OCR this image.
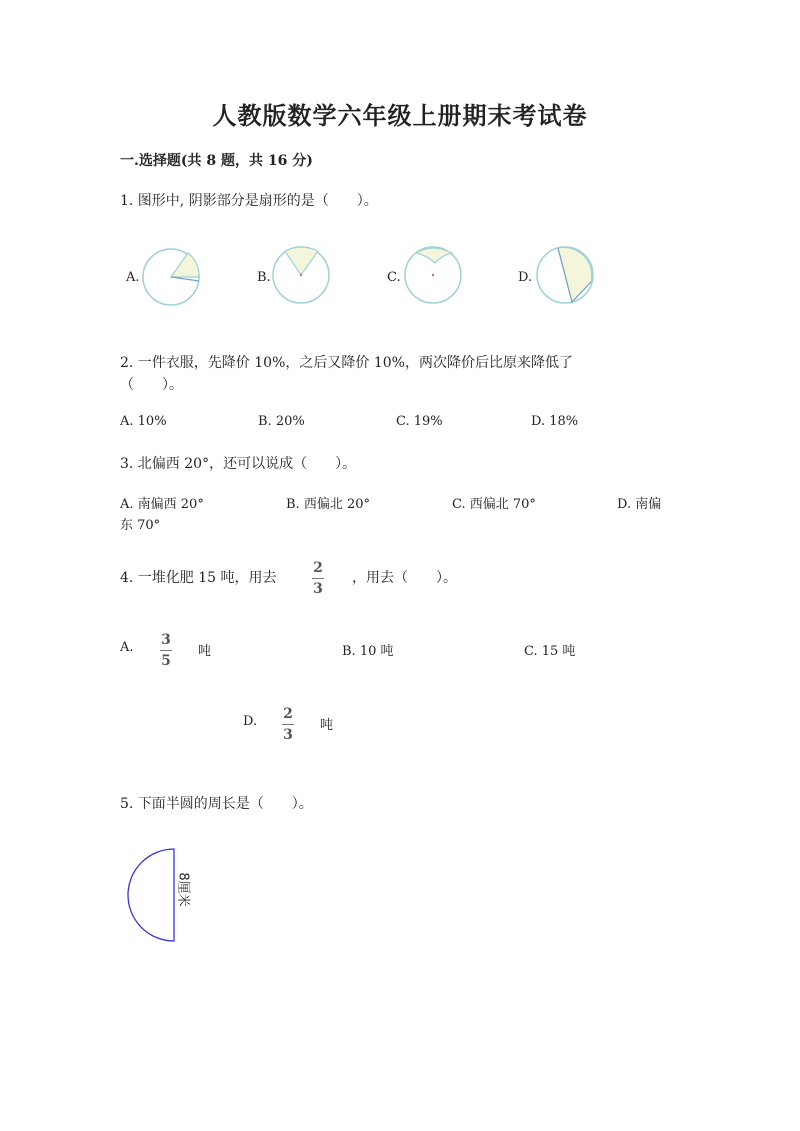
人教版数学六年级上册期末考试卷
一.选择题(共 8 题，共 16 分)
1. 图形中, 阴影部分是扇形的是（　　）。
A.	B.	C.	D.
2. 一件衣服，先降价 10%，之后又降价 10%，两次降价后比原来降低了
（　　）。
A. 10%	B. 20%	C. 19%	D. 18%
3. 北偏西 20°，还可以说成（　　）。
A. 南偏西 20°	B. 西偏北 20°	C. 西偏北 70°	D. 南偏
东 70°
4. 一堆化肥 15 吨，用去
2
3
，用去（　　）。
A. 3
5
吨	B. 10 吨	C. 15 吨
D. 2
3
吨
5. 下面半圆的周长是（　　）。
8厘米
